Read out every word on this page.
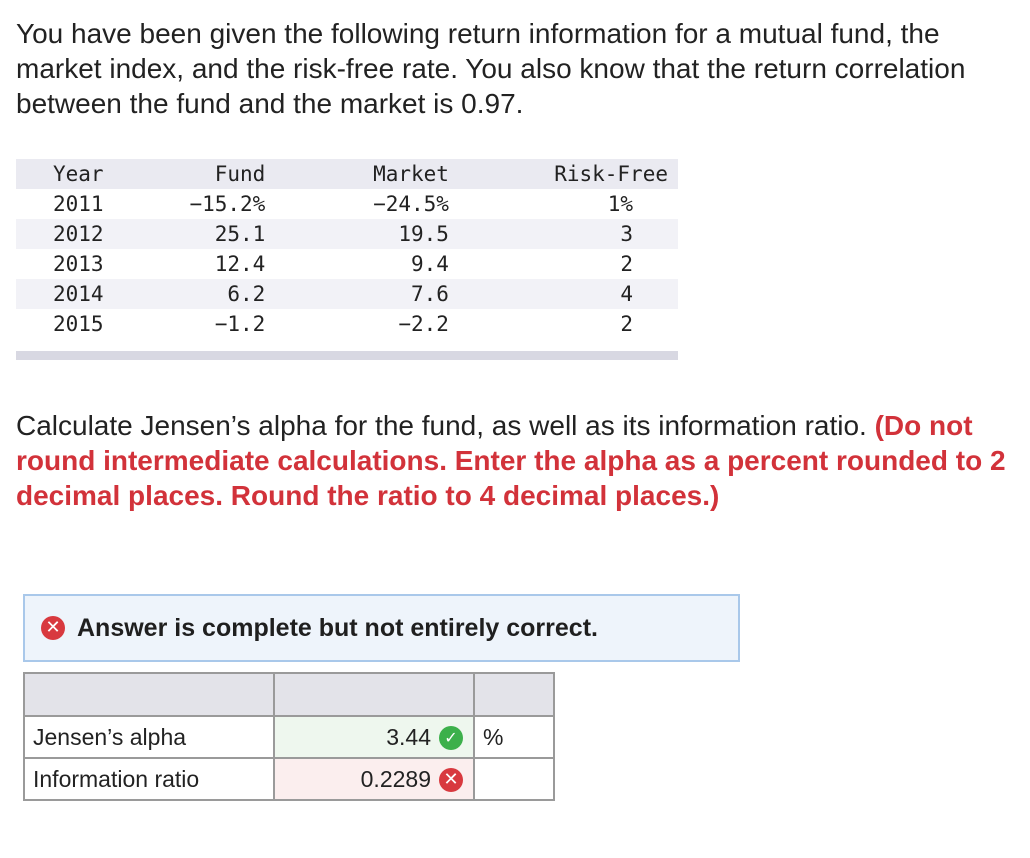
You have been given the following return information for a mutual fund, the market index, and the risk-free rate. You also know that the return correlation between the fund and the market is 0.97.

Year	Fund	Market	Risk-Free
2011	−15.2%	−24.5%	1%
2012	25.1	19.5	3
2013	12.4	9.4	2
2014	6.2	7.6	4
2015	−1.2	−2.2	2

Calculate Jensen’s alpha for the fund, as well as its information ratio. (Do not round intermediate calculations. Enter the alpha as a percent rounded to 2 decimal places. Round the ratio to 4 decimal places.)

✕ Answer is complete but not entirely correct.

Jensen’s alpha	3.44 ✓	%
Information ratio	0.2289 ✕	
